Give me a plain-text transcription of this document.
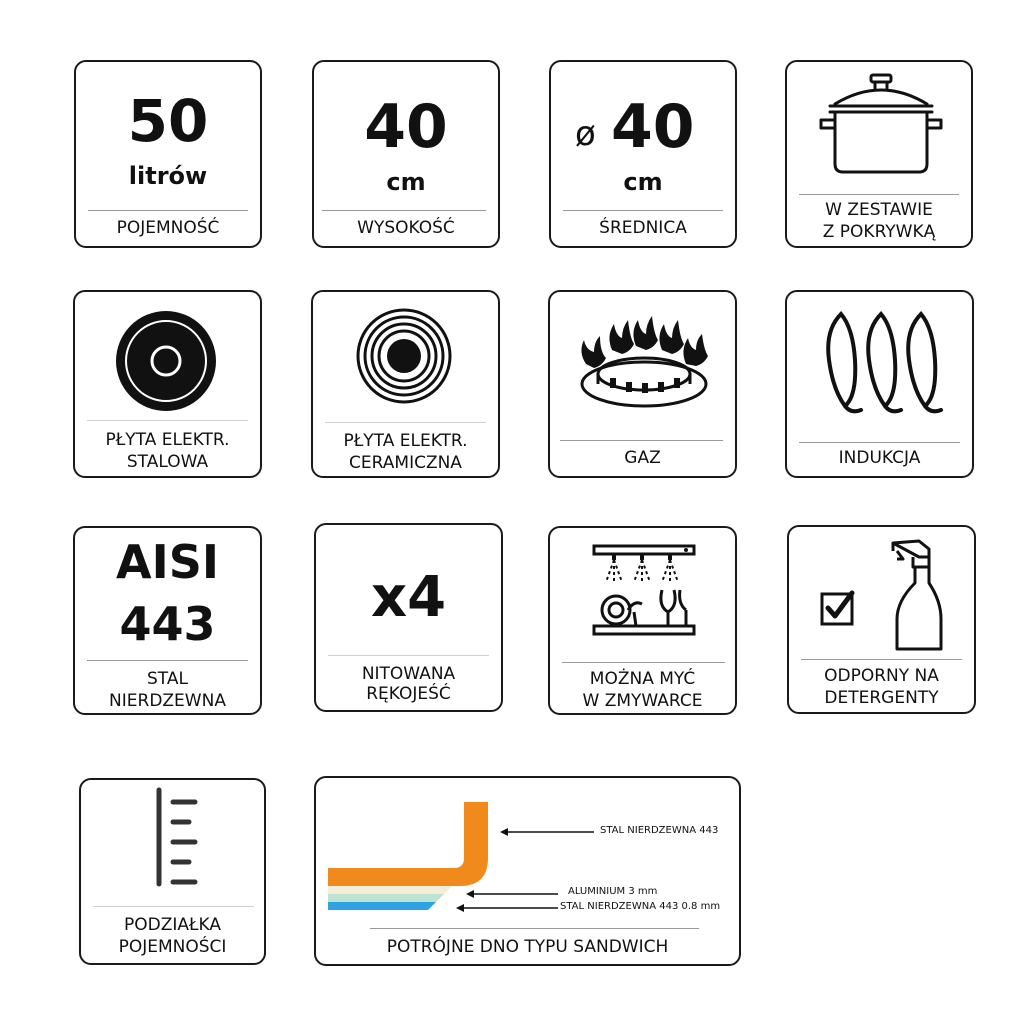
50
litrów
POJEMNOŚĆ
40
cm
WYSOKOŚĆ
ø 40
cm
ŚREDNICA
W ZESTAWIE
Z POKRYWKĄ
PŁYTA ELEKTR.
STALOWA
PŁYTA ELEKTR.
CERAMICZNA	GAZ	INDUKCJA
AISI
443
STAL
NIERDZEWNA
x4
NITOWANA
RĘKOJEŚĆ
MOŻNA MYĆ
W ZMYWARCE
ODPORNY NA
DETERGENTY
PODZIAŁKA
POJEMNOŚCI
STAL NIERDZEWNA 443
ALUMINIUM 3 mm
STAL NIERDZEWNA 443 0.8 mm
POTRÓJNE DNO TYPU SANDWICH
